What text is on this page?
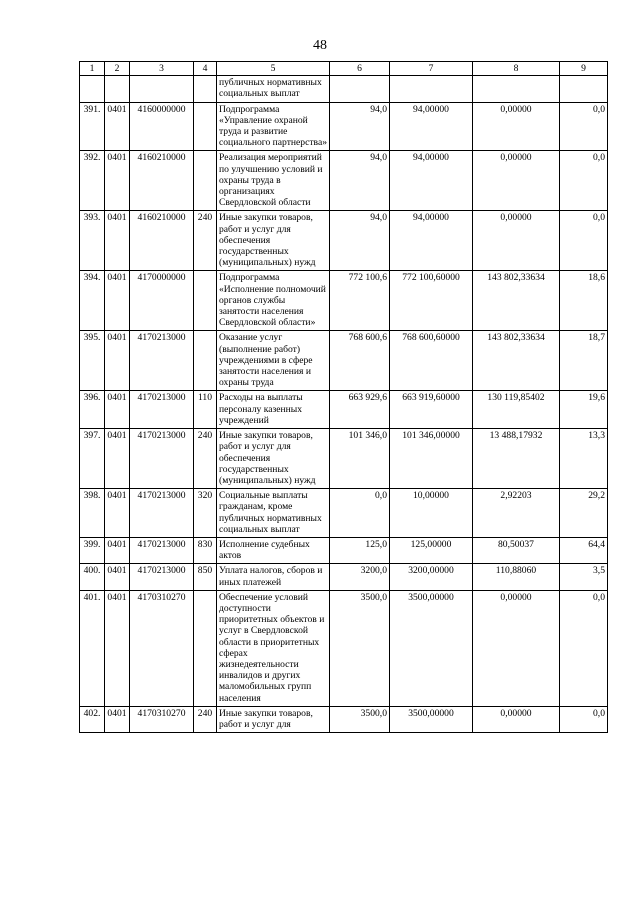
48
1	2	3	4	5	6	7	8	9
				публичных нормативных социальных выплат				
391.	0401	4160000000		Подпрограмма «Управление охраной труда и развитие социального партнерства»	94,0	94,00000	0,00000	0,0
392.	0401	4160210000		Реализация мероприятий по улучшению условий и охраны труда в организациях Свердловской области	94,0	94,00000	0,00000	0,0
393.	0401	4160210000	240	Иные закупки товаров, работ и услуг для обеспечения государственных (муниципальных) нужд	94,0	94,00000	0,00000	0,0
394.	0401	4170000000		Подпрограмма «Исполнение полномочий органов службы занятости населения Свердловской области»	772 100,6	772 100,60000	143 802,33634	18,6
395.	0401	4170213000		Оказание услуг (выполнение работ) учреждениями в сфере занятости населения и охраны труда	768 600,6	768 600,60000	143 802,33634	18,7
396.	0401	4170213000	110	Расходы на выплаты персоналу казенных учреждений	663 929,6	663 919,60000	130 119,85402	19,6
397.	0401	4170213000	240	Иные закупки товаров, работ и услуг для обеспечения государственных (муниципальных) нужд	101 346,0	101 346,00000	13 488,17932	13,3
398.	0401	4170213000	320	Социальные выплаты гражданам, кроме публичных нормативных социальных выплат	0,0	10,00000	2,92203	29,2
399.	0401	4170213000	830	Исполнение судебных актов	125,0	125,00000	80,50037	64,4
400.	0401	4170213000	850	Уплата налогов, сборов и иных платежей	3200,0	3200,00000	110,88060	3,5
401.	0401	4170310270		Обеспечение условий доступности приоритетных объектов и услуг в Свердловской области в приоритетных сферах жизнедеятельности инвалидов и других маломобильных групп населения	3500,0	3500,00000	0,00000	0,0
402.	0401	4170310270	240	Иные закупки товаров, работ и услуг для	3500,0	3500,00000	0,00000	0,0
